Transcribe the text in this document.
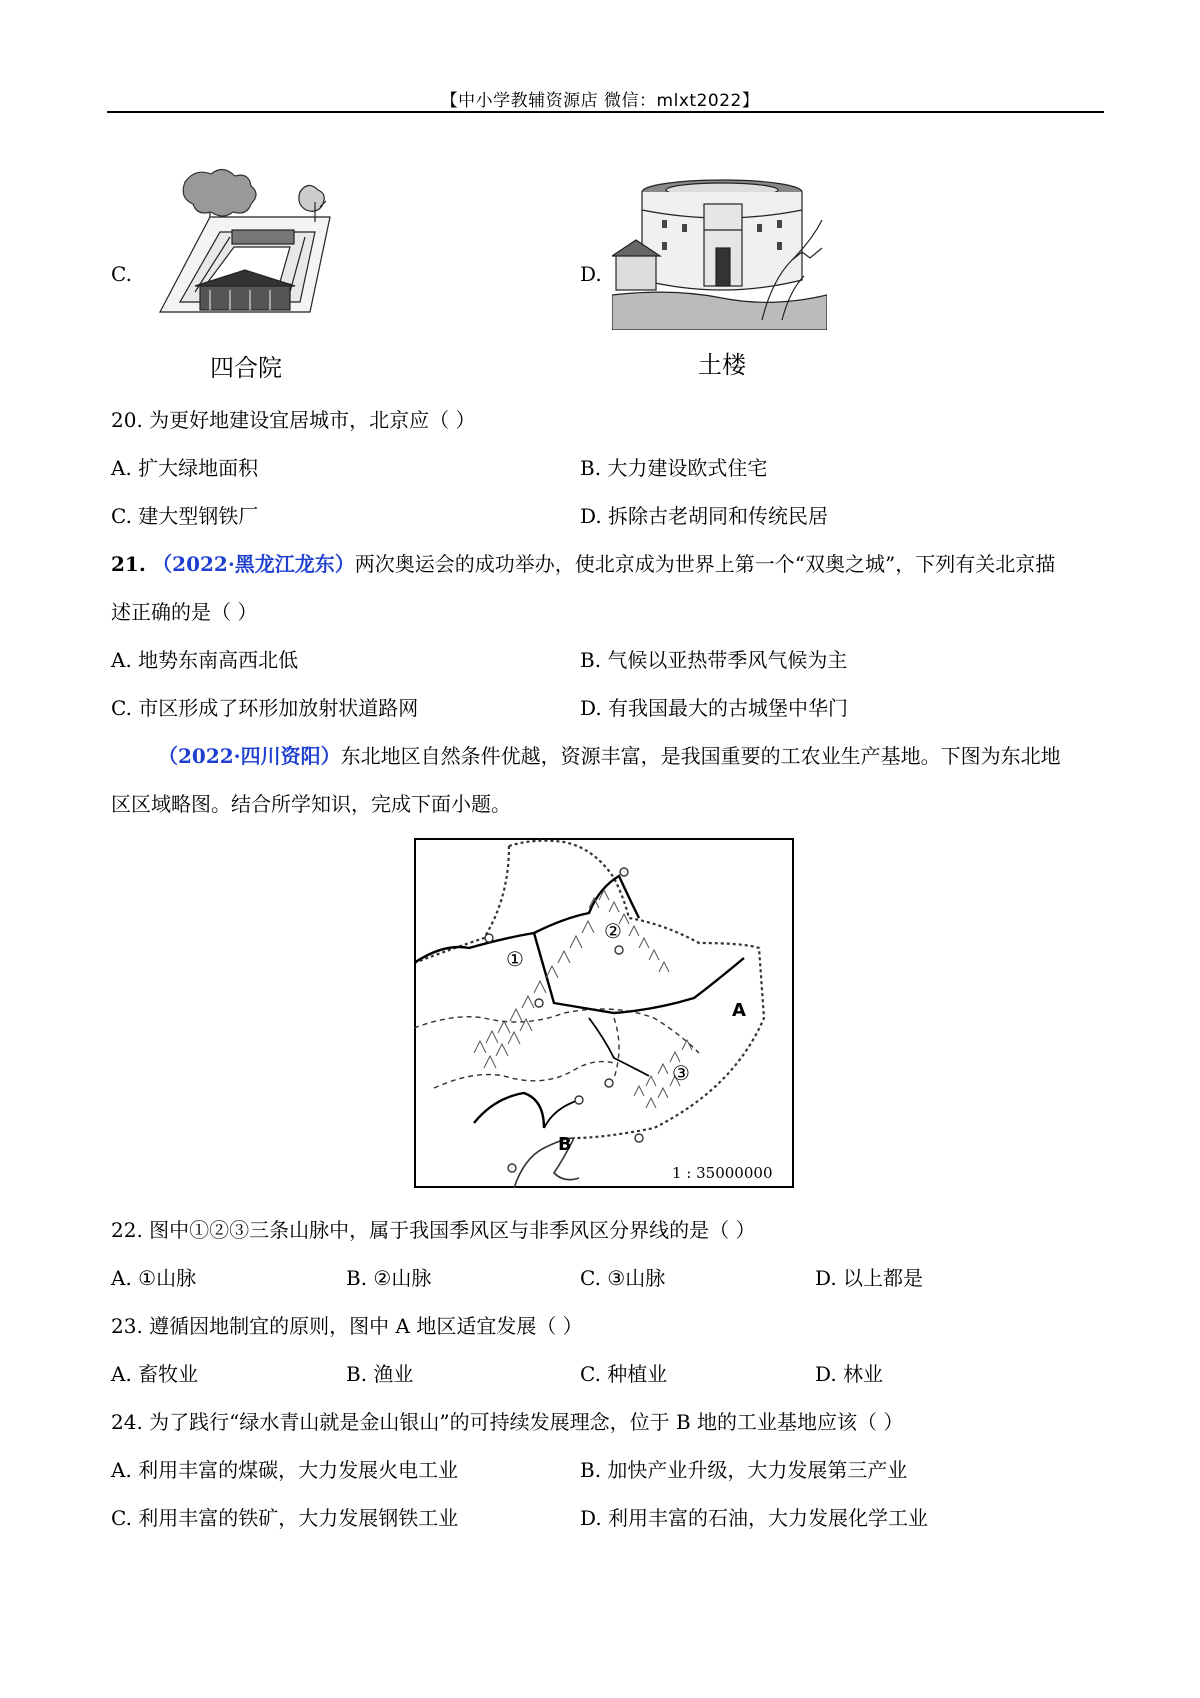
【中小学教辅资源店 微信：mlxt2022】
C.
四合院
D.
土楼
20. 为更好地建设宜居城市，北京应（ ）
A. 扩大绿地面积	B. 大力建设欧式住宅
C. 建大型钢铁厂	D. 拆除古老胡同和传统民居
21. （2022·黑龙江龙东）两次奥运会的成功举办，使北京成为世界上第一个“双奥之城”，下列有关北京描
述正确的是（ ）
A. 地势东南高西北低	B. 气候以亚热带季风气候为主
C. 市区形成了环形加放射状道路网	D. 有我国最大的古城堡中华门
（2022·四川资阳）东北地区自然条件优越，资源丰富，是我国重要的工农业生产基地。下图为东北地
区区域略图。结合所学知识，完成下面小题。
①
②
③
A
B
1 : 35000000
22. 图中①②③三条山脉中，属于我国季风区与非季风区分界线的是（ ）
A. ①山脉	B. ②山脉	C. ③山脉	D. 以上都是
23. 遵循因地制宜的原则，图中 A 地区适宜发展（ ）
A. 畜牧业	B. 渔业	C. 种植业	D. 林业
24. 为了践行“绿水青山就是金山银山”的可持续发展理念，位于 B 地的工业基地应该（ ）
A. 利用丰富的煤碳，大力发展火电工业	B. 加快产业升级，大力发展第三产业
C. 利用丰富的铁矿，大力发展钢铁工业	D. 利用丰富的石油，大力发展化学工业
